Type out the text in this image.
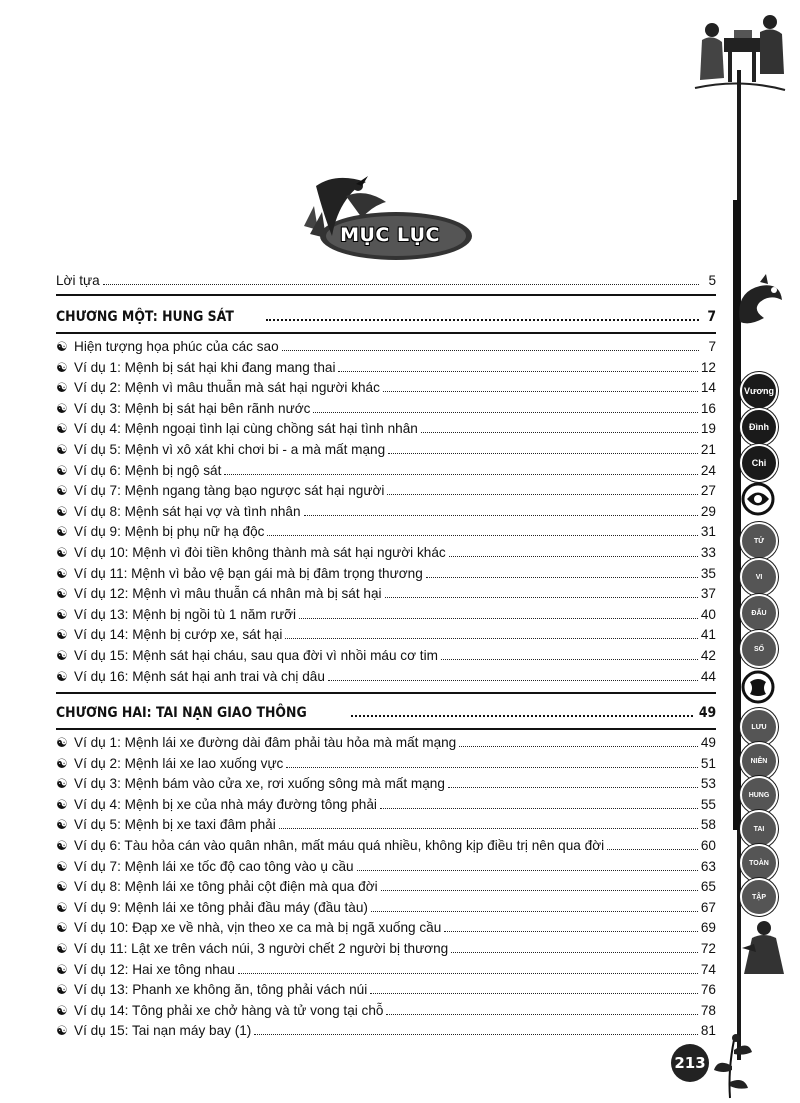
Vương
Đình
Chi
TỬ
VI
ĐẨU
SỐ
LƯU
NIÊN
HUNG
TAI
TOÀN
TẬP
MỤC LỤC
213
Lời tựa	5
CHƯƠNG MỘT: HUNG SÁT	7
☯ Hiện tượng họa phúc của các sao	7
☯ Ví dụ 1: Mệnh bị sát hại khi đang mang thai	12
☯ Ví dụ 2: Mệnh vì mâu thuẫn mà sát hại người khác	14
☯ Ví dụ 3: Mệnh bị sát hại bên rãnh nước	16
☯ Ví dụ 4: Mệnh ngoại tình lại cùng chồng sát hại tình nhân	19
☯ Ví dụ 5: Mệnh vì xô xát khi chơi bi - a mà mất mạng	21
☯ Ví dụ 6: Mệnh bị ngộ sát	24
☯ Ví dụ 7: Mệnh ngang tàng bạo ngược sát hại người	27
☯ Ví dụ 8: Mệnh sát hại vợ và tình nhân	29
☯ Ví dụ 9: Mệnh bị phụ nữ hạ độc	31
☯ Ví dụ 10: Mệnh vì đòi tiền không thành mà sát hại người khác	33
☯ Ví dụ 11: Mệnh vì bảo vệ bạn gái mà bị đâm trọng thương	35
☯ Ví dụ 12: Mệnh vì mâu thuẫn cá nhân mà bị sát hại	37
☯ Ví dụ 13: Mệnh bị ngồi tù 1 năm rưỡi	40
☯ Ví dụ 14: Mệnh bị cướp xe, sát hại	41
☯ Ví dụ 15: Mệnh sát hại cháu, sau qua đời vì nhồi máu cơ tim	42
☯ Ví dụ 16: Mệnh sát hại anh trai và chị dâu	44
CHƯƠNG HAI: TAI NẠN GIAO THÔNG	49
☯ Ví dụ 1: Mệnh lái xe đường dài đâm phải tàu hỏa mà mất mạng	49
☯ Ví dụ 2: Mệnh lái xe lao xuống vực	51
☯ Ví dụ 3: Mệnh bám vào cửa xe, rơi xuống sông mà mất mạng	53
☯ Ví dụ 4: Mệnh bị xe của nhà máy đường tông phải	55
☯ Ví dụ 5: Mệnh bị xe taxi đâm phải	58
☯ Ví dụ 6: Tàu hỏa cán vào quân nhân, mất máu quá nhiều, không kịp điều trị nên qua đời	60
☯ Ví dụ 7: Mệnh lái xe tốc độ cao tông vào ụ cầu	63
☯ Ví dụ 8: Mệnh lái xe tông phải cột điện mà qua đời	65
☯ Ví dụ 9: Mệnh lái xe tông phải đầu máy (đầu tàu)	67
☯ Ví dụ 10: Đạp xe về nhà, vịn theo xe ca mà bị ngã xuống cầu	69
☯ Ví dụ 11: Lật xe trên vách núi, 3 người chết 2 người bị thương	72
☯ Ví dụ 12: Hai xe tông nhau	74
☯ Ví dụ 13: Phanh xe không ăn, tông phải vách núi	76
☯ Ví dụ 14: Tông phải xe chở hàng và tử vong tại chỗ	78
☯ Ví dụ 15: Tai nạn máy bay (1)	81
